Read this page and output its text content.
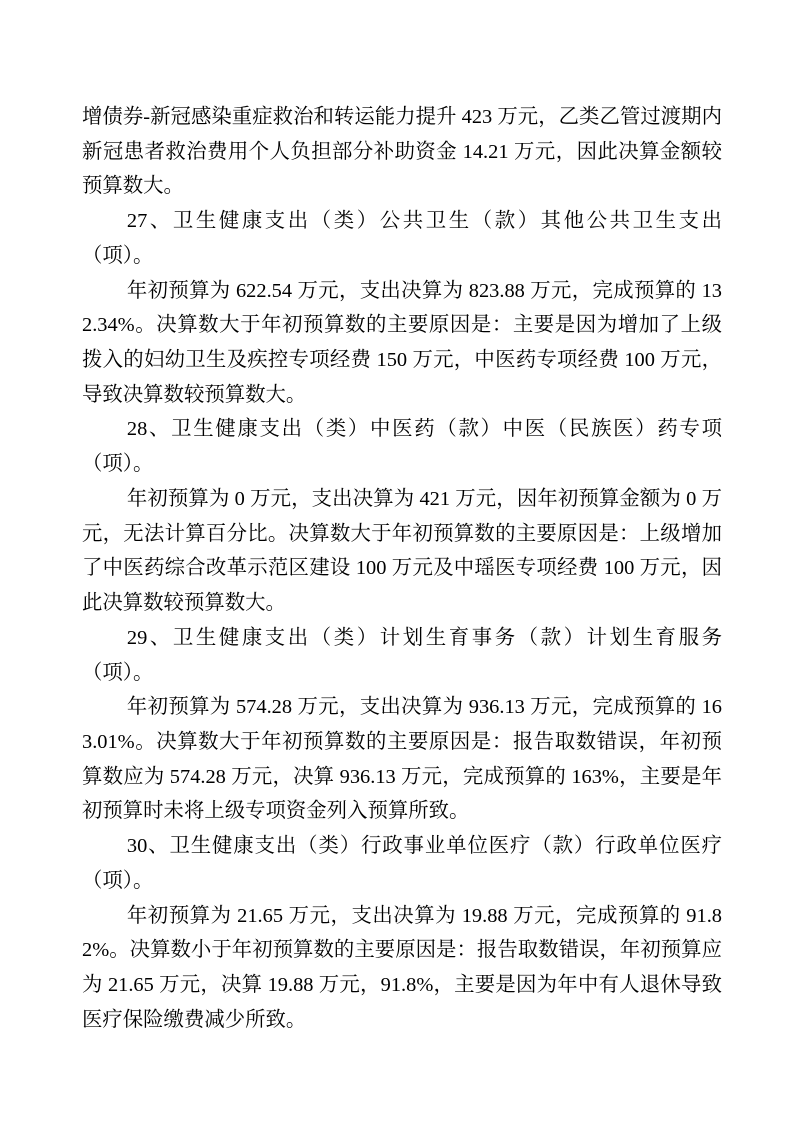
增债券-新冠感染重症救治和转运能力提升 423 万元，乙类乙管过渡期内新冠患者救治费用个人负担部分补助资金 14.21 万元，因此决算金额较预算数大。

27、卫生健康支出（类）公共卫生（款）其他公共卫生支出（项）。

年初预算为 622.54 万元，支出决算为 823.88 万元，完成预算的 132.34%。决算数大于年初预算数的主要原因是：主要是因为增加了上级拨入的妇幼卫生及疾控专项经费 150 万元，中医药专项经费 100 万元，导致决算数较预算数大。

28、卫生健康支出（类）中医药（款）中医（民族医）药专项（项）。

年初预算为 0 万元，支出决算为 421 万元，因年初预算金额为 0 万元，无法计算百分比。决算数大于年初预算数的主要原因是：上级增加了中医药综合改革示范区建设 100 万元及中瑶医专项经费 100 万元，因此决算数较预算数大。

29、卫生健康支出（类）计划生育事务（款）计划生育服务（项）。

年初预算为 574.28 万元，支出决算为 936.13 万元，完成预算的 163.01%。决算数大于年初预算数的主要原因是：报告取数错误，年初预算数应为 574.28 万元，决算 936.13 万元，完成预算的 163%，主要是年初预算时未将上级专项资金列入预算所致。

30、卫生健康支出（类）行政事业单位医疗（款）行政单位医疗（项）。

年初预算为 21.65 万元，支出决算为 19.88 万元，完成预算的 91.82%。决算数小于年初预算数的主要原因是：报告取数错误，年初预算应为 21.65 万元，决算 19.88 万元，91.8%，主要是因为年中有人退休导致医疗保险缴费减少所致。
